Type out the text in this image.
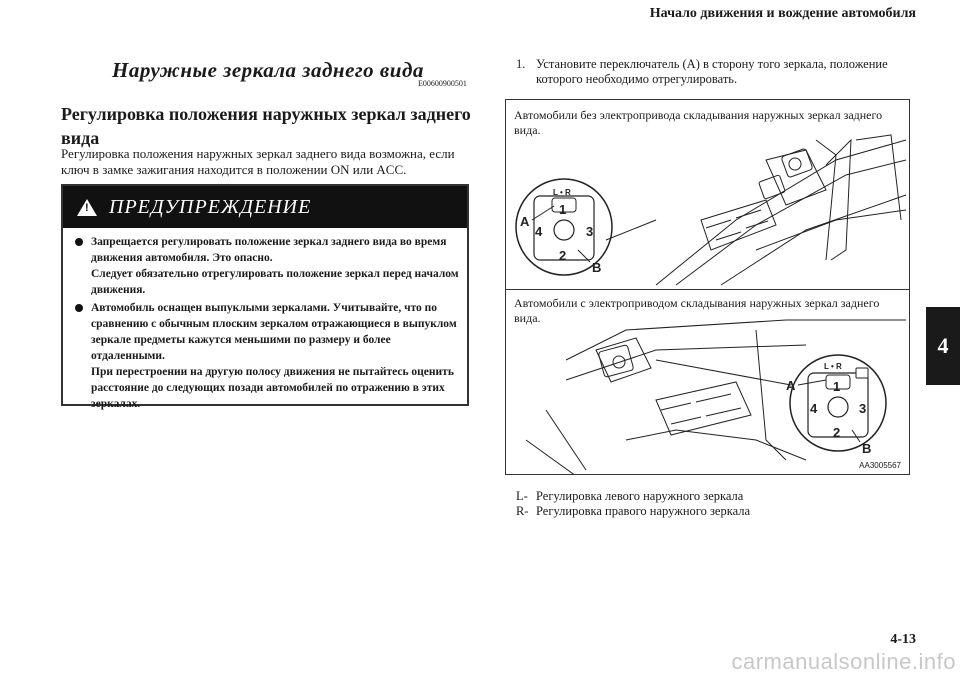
Начало движения и вождение автомобиля
Наружные зеркала заднего вида
E00600900501
Регулировка положения наружных зеркал заднего вида
Регулировка положения наружных зеркал заднего вида возможна, если ключ в замке зажигания находится в положении ON или ACC.
! ПРЕДУПРЕЖДЕНИЕ

Запрещается регулировать положение зеркал заднего вида во время движения автомобиля. Это опасно.

Следует обязательно отрегулировать положение зеркал перед началом движения.

Автомобиль оснащен выпуклыми зеркалами. Учитывайте, что по сравнению с обычным плоским зеркалом отражающиеся в выпуклом зеркале предметы кажутся меньшими по размеру и более отдаленными.

При перестроении на другую полосу движения не пытайтесь оценить расстояние до следующих позади автомобилей по отражению в этих зеркалах.

1. Установите переключатель (A) в сторону того зеркала, положение которого необходимо отрегулировать.
Автомобили без электропривода складывания наружных зеркал заднего вида.
Автомобили с электроприводом складывания наружных зеркал заднего вида.
L • R
1
2
3
4
A
B
L • R
1
2
3
4
A
B
AA3005567
L- Регулировка левого наружного зеркала
R- Регулировка правого наружного зеркала
4
4-13
carmanualsonline.info
